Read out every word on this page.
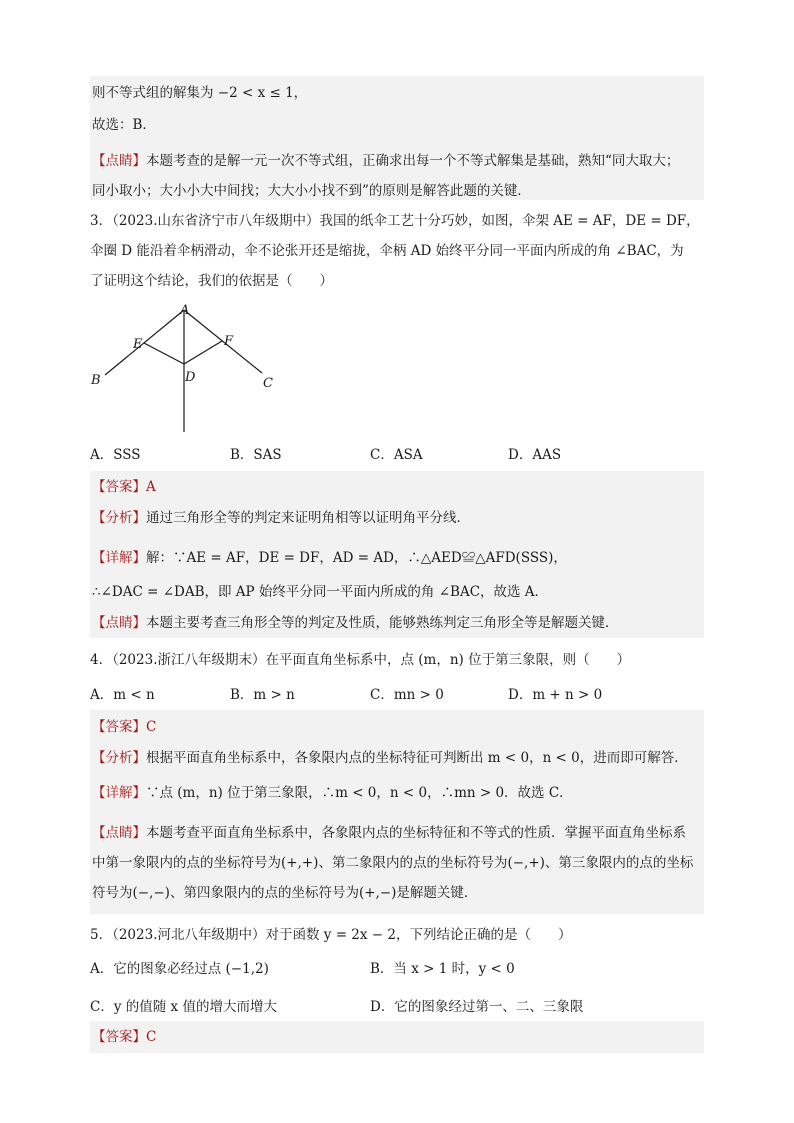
则不等式组的解集为 −2 < x ≤ 1，
故选：B．
【点睛】本题考查的是解一元一次不等式组，正确求出每一个不等式解集是基础，熟知“同大取大；
同小取小；大小小大中间找；大大小小找不到”的原则是解答此题的关键．
3．（2023.山东省济宁市八年级期中）我国的纸伞工艺十分巧妙，如图，伞架 AE = AF，DE = DF，
伞圈 D 能沿着伞柄滑动，伞不论张开还是缩拢，伞柄 AD 始终平分同一平面内所成的角 ∠BAC，为
了证明这个结论，我们的依据是（　　）
A
E	F
D
B	C
A．SSS	B．SAS	C．ASA	D．AAS
【答案】A
【分析】通过三角形全等的判定来证明角相等以证明角平分线．
【详解】解：∵AE = AF，DE = DF，AD = AD，∴△AED≌△AFD(SSS)，
∴∠DAC = ∠DAB，即 AP 始终平分同一平面内所成的角 ∠BAC，故选 A．
【点睛】本题主要考查三角形全等的判定及性质，能够熟练判定三角形全等是解题关键．
4．（2023.浙江八年级期末）在平面直角坐标系中，点 (m，n) 位于第三象限，则（　　）
A．m < n	B．m > n	C．mn > 0	D．m + n > 0
【答案】C
【分析】根据平面直角坐标系中，各象限内点的坐标特征可判断出 m < 0，n < 0，进而即可解答．
【详解】∵点 (m，n) 位于第三象限，∴m < 0，n < 0，∴mn > 0．故选 C．
【点睛】本题考查平面直角坐标系中，各象限内点的坐标特征和不等式的性质．掌握平面直角坐标系
中第一象限内的点的坐标符号为(+,+)、第二象限内的点的坐标符号为(−,+)、第三象限内的点的坐标
符号为(−,−)、第四象限内的点的坐标符号为(+,−)是解题关键．
5．（2023.河北八年级期中）对于函数 y = 2x − 2，下列结论正确的是（　　）
A．它的图象必经过点 (−1,2)	B．当 x > 1 时，y < 0
C．y 的值随 x 值的增大而增大	D．它的图象经过第一、二、三象限
【答案】C
